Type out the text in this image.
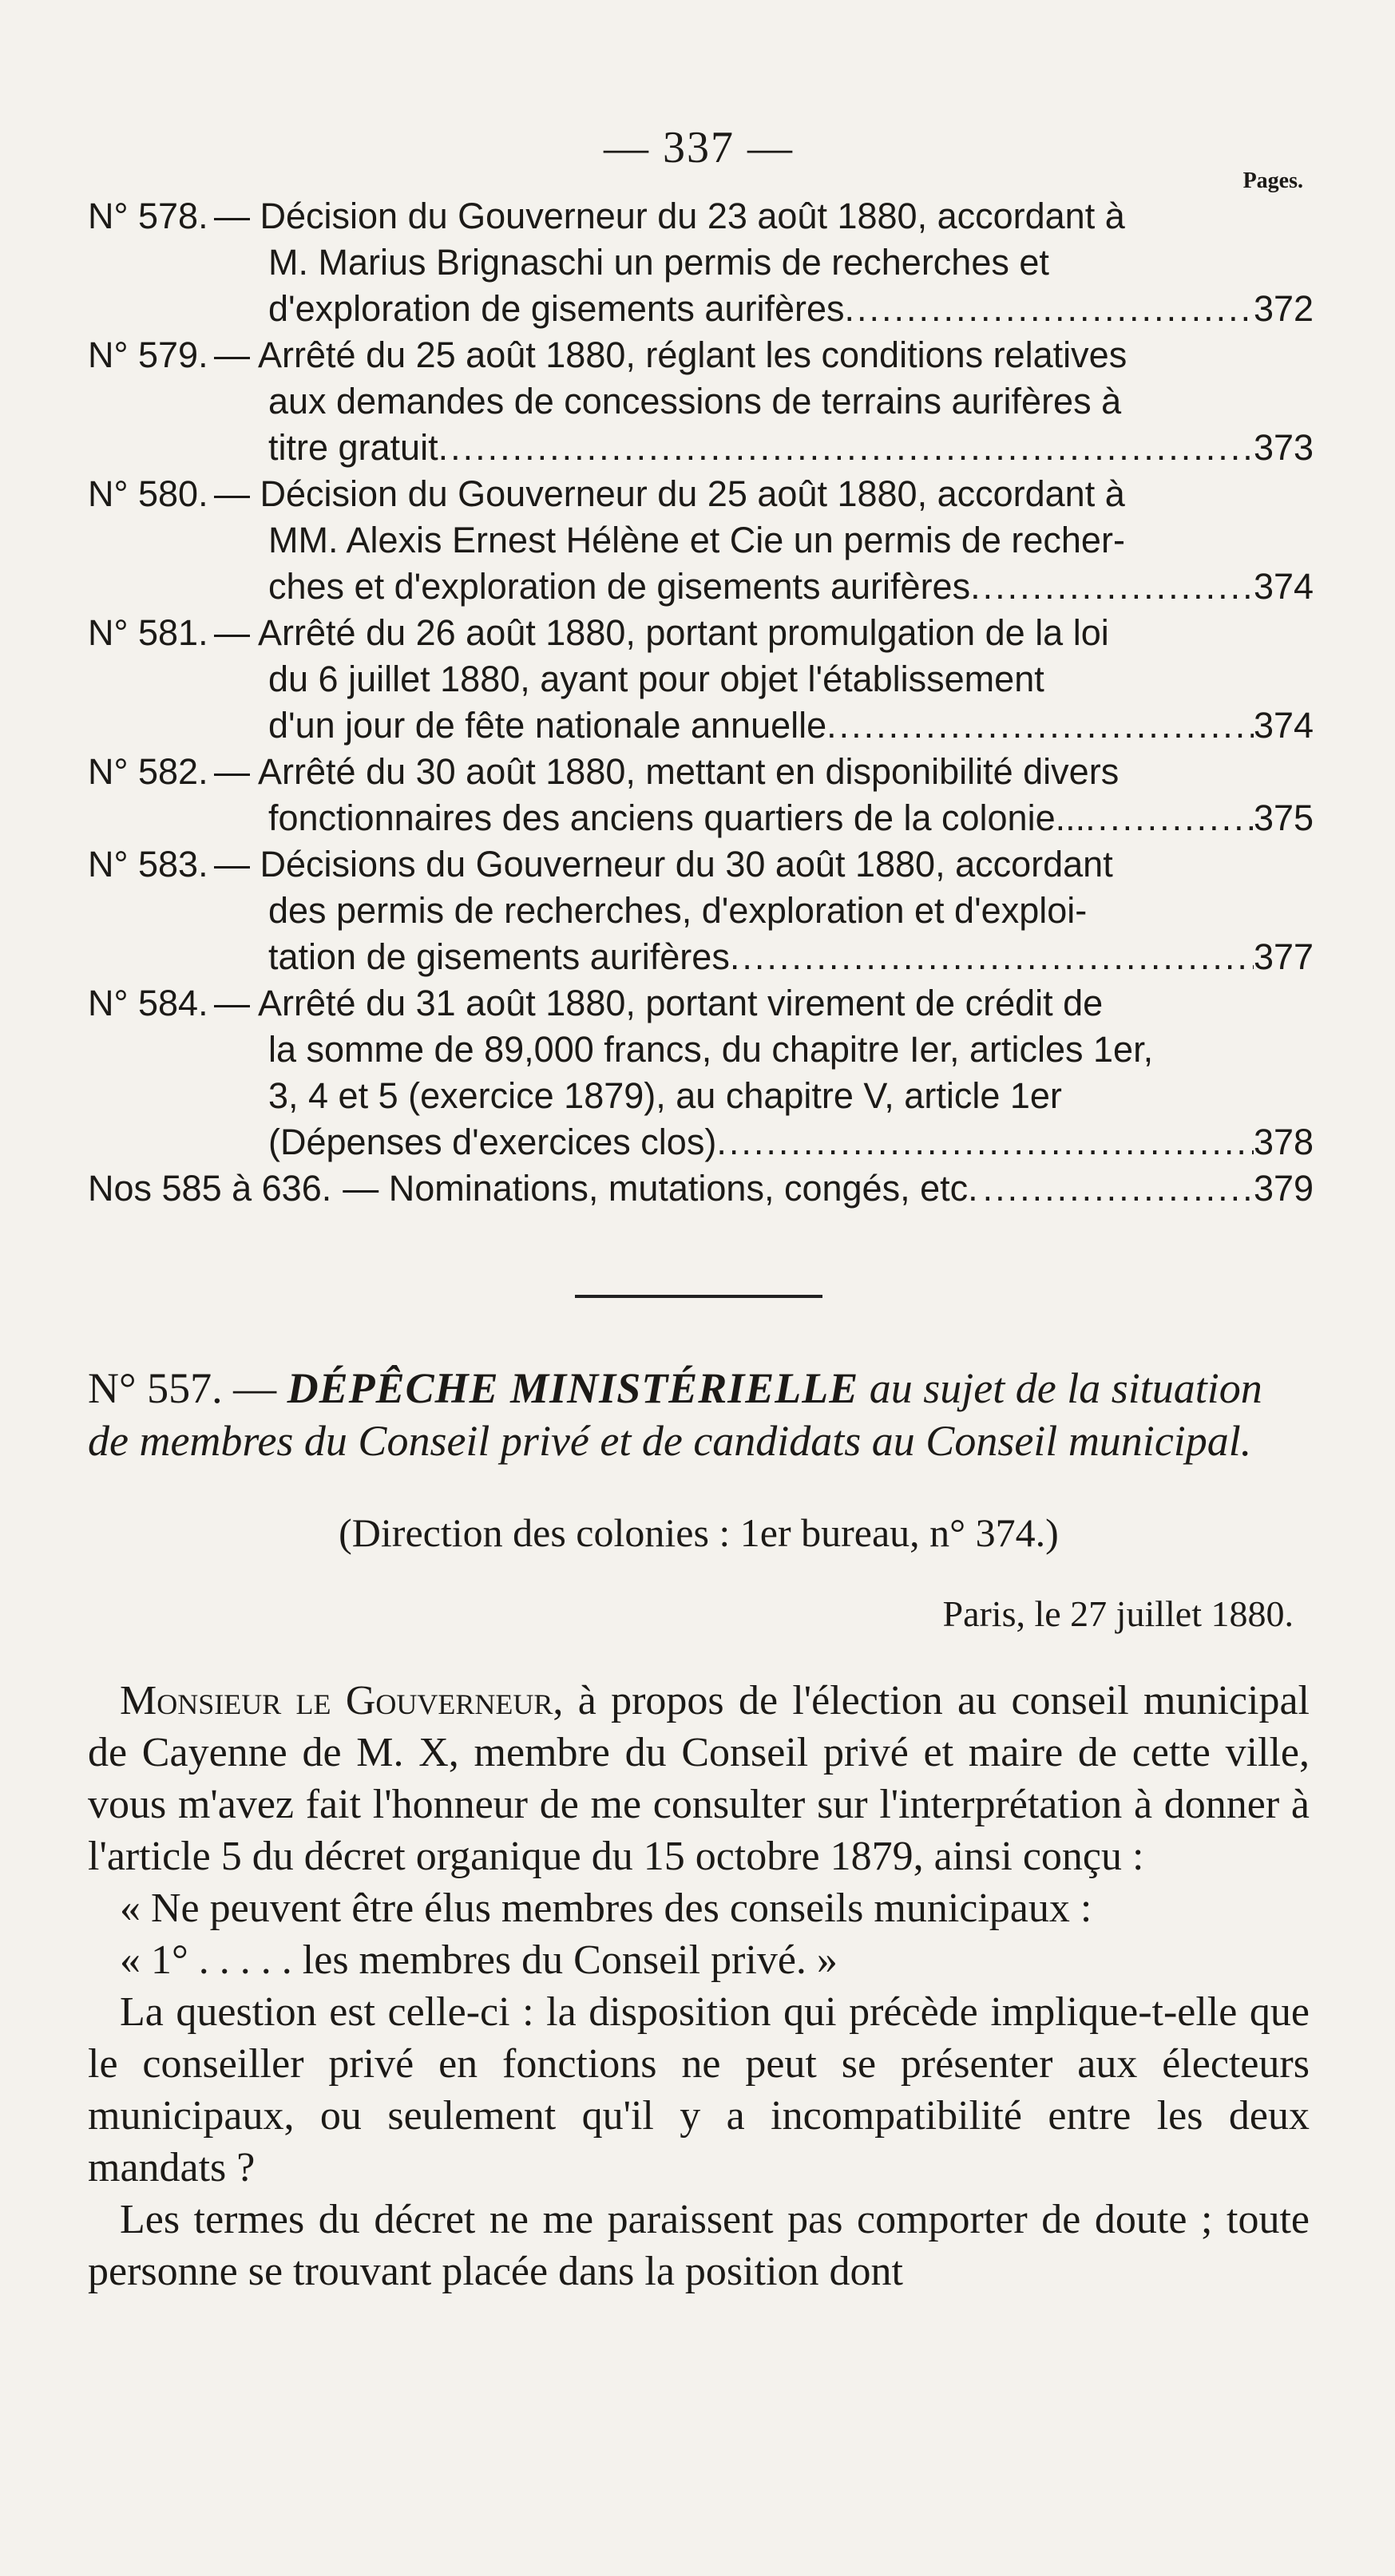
— 337 —
Pages.
N° 578. — Décision du Gouverneur du 23 août 1880, accordant à
M. Marius Brignaschi un permis de recherches et
d'exploration de gisements aurifères .....	372
N° 579. — Arrêté du 25 août 1880, réglant les conditions relatives
aux demandes de concessions de terrains aurifères à
titre gratuit .....	373
N° 580. — Décision du Gouverneur du 25 août 1880, accordant à
MM. Alexis Ernest Hélène et Cie un permis de recher-
ches et d'exploration de gisements aurifères .....	374
N° 581. — Arrêté du 26 août 1880, portant promulgation de la loi
du 6 juillet 1880, ayant pour objet l'établissement
d'un jour de fête nationale annuelle .....	374
N° 582. — Arrêté du 30 août 1880, mettant en disponibilité divers
fonctionnaires des anciens quartiers de la colonie... .....	375
N° 583. — Décisions du Gouverneur du 30 août 1880, accordant
des permis de recherches, d'exploration et d'exploi-
tation de gisements aurifères .....	377
N° 584. — Arrêté du 31 août 1880, portant virement de crédit de
la somme de 89,000 francs, du chapitre Ier, articles 1er,
3, 4 et 5 (exercice 1879), au chapitre V, article 1er
(Dépenses d'exercices clos) .....	378
Nos 585 à 636. — Nominations, mutations, congés, etc. .....	379
N° 557. — DÉPÊCHE MINISTÉRIELLE au sujet de la situation de membres du Conseil privé et de candidats au Conseil municipal.
(Direction des colonies : 1er bureau, n° 374.)
Paris, le 27 juillet 1880.

Monsieur le Gouverneur, à propos de l'élection au conseil municipal de Cayenne de M. X, membre du Conseil privé et maire de cette ville, vous m'avez fait l'honneur de me consulter sur l'interprétation à donner à l'article 5 du décret organique du 15 octobre 1879, ainsi conçu :

« Ne peuvent être élus membres des conseils municipaux :

« 1° . . . . . les membres du Conseil privé. »

La question est celle-ci : la disposition qui précède implique-t-elle que le conseiller privé en fonctions ne peut se présenter aux électeurs municipaux, ou seulement qu'il y a incompatibilité entre les deux mandats ?

Les termes du décret ne me paraissent pas comporter de doute ; toute personne se trouvant placée dans la position dont
